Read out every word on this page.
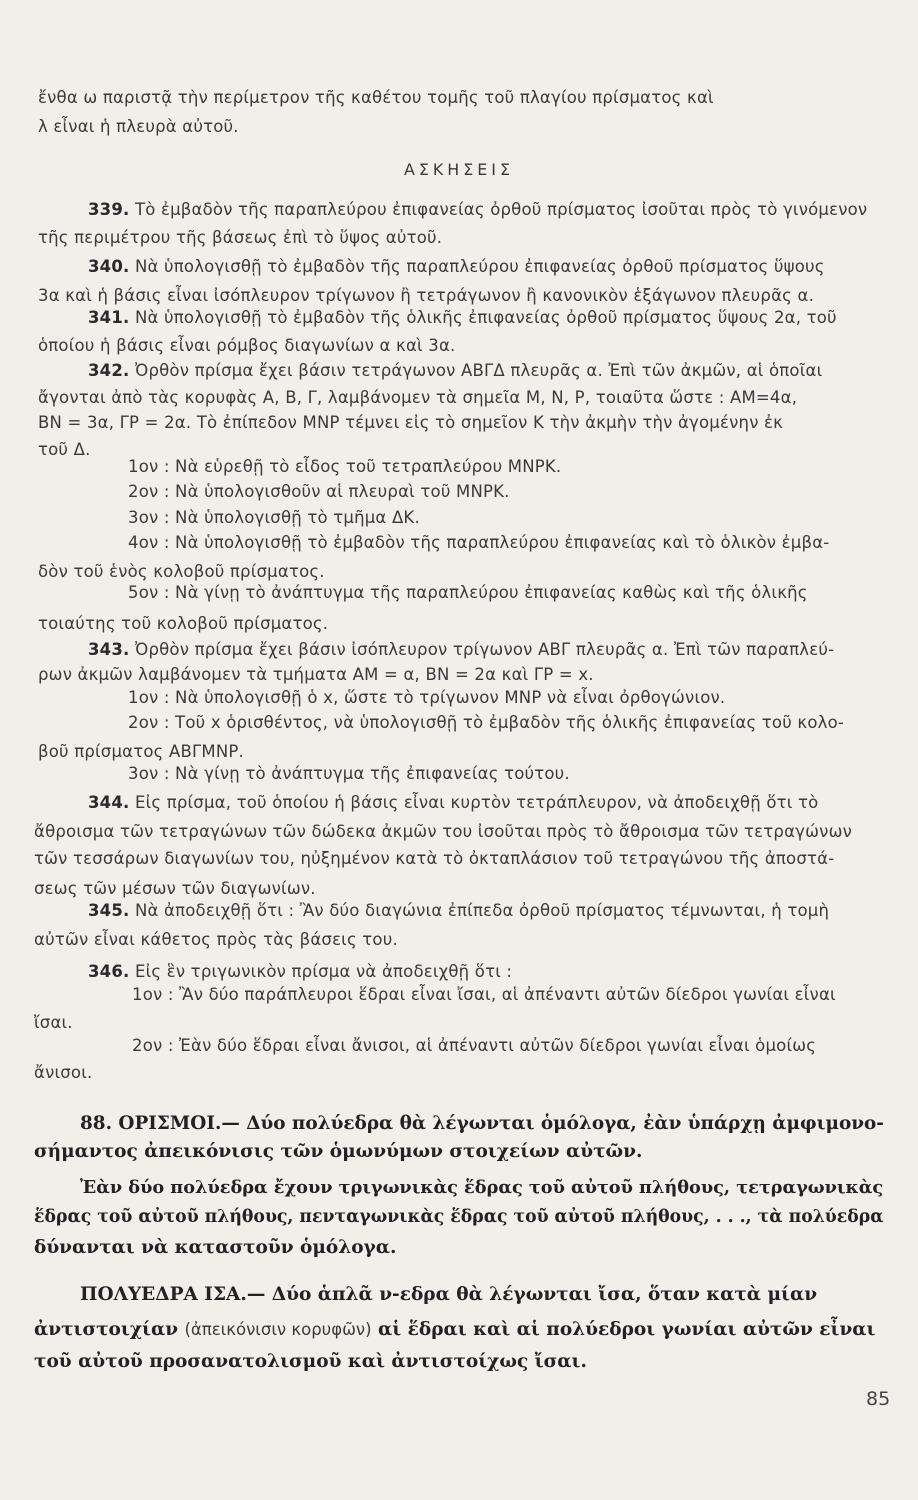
ἔνθα ω παριστᾷ τὴν περίμετρον τῆς καθέτου τομῆς τοῦ πλαγίου πρίσματος καὶ
λ εἶναι ἡ πλευρὰ αὐτοῦ.
ΑΣΚΗΣΕΙΣ
339. Τὸ ἐμβαδὸν τῆς παραπλεύρου ἐπιφανείας ὀρθοῦ πρίσματος ἰσοῦται πρὸς τὸ γινόμενον
τῆς περιμέτρου τῆς βάσεως ἐπὶ τὸ ὕψος αὐτοῦ.
340. Νὰ ὑπολογισθῇ τὸ ἐμβαδὸν τῆς παραπλεύρου ἐπιφανείας ὀρθοῦ πρίσματος ὕψους
3α καὶ ἡ βάσις εἶναι ἰσόπλευρον τρίγωνον ἢ τετράγωνον ἢ κανονικὸν ἑξάγωνον πλευρᾶς α.
341. Νὰ ὑπολογισθῇ τὸ ἐμβαδὸν τῆς ὁλικῆς ἐπιφανείας ὀρθοῦ πρίσματος ὕψους 2α, τοῦ
ὁποίου ἡ βάσις εἶναι ρόμβος διαγωνίων α καὶ 3α.
342. Ὀρθὸν πρίσμα ἔχει βάσιν τετράγωνον ΑΒΓΔ πλευρᾶς α. Ἐπὶ τῶν ἀκμῶν, αἱ ὁποῖαι
ἄγονται ἀπὸ τὰς κορυφὰς Α, Β, Γ, λαμβάνομεν τὰ σημεῖα Μ, Ν, Ρ, τοιαῦτα ὥστε : ΑΜ=4α,
ΒΝ = 3α, ΓΡ = 2α. Τὸ ἐπίπεδον ΜΝΡ τέμνει εἰς τὸ σημεῖον Κ τὴν ἀκμὴν τὴν ἀγομένην ἐκ
τοῦ Δ.
1ον : Νὰ εὑρεθῇ τὸ εἶδος τοῦ τετραπλεύρου ΜΝΡΚ.
2ον : Νὰ ὑπολογισθοῦν αἱ πλευραὶ τοῦ ΜΝΡΚ.
3ον : Νὰ ὑπολογισθῇ τὸ τμῆμα ΔΚ.
4ον : Νὰ ὑπολογισθῇ τὸ ἐμβαδὸν τῆς παραπλεύρου ἐπιφανείας καὶ τὸ ὁλικὸν ἐμβα-
δὸν τοῦ ἑνὸς κολοβοῦ πρίσματος.
5ον : Νὰ γίνῃ τὸ ἀνάπτυγμα τῆς παραπλεύρου ἐπιφανείας καθὼς καὶ τῆς ὁλικῆς
τοιαύτης τοῦ κολοβοῦ πρίσματος.
343. Ὀρθὸν πρίσμα ἔχει βάσιν ἰσόπλευρον τρίγωνον ΑΒΓ πλευρᾶς α. Ἐπὶ τῶν παραπλεύ-
ρων ἀκμῶν λαμβάνομεν τὰ τμήματα ΑΜ = α, ΒΝ = 2α καὶ ΓΡ = x.
1ον : Νὰ ὑπολογισθῇ ὁ x, ὥστε τὸ τρίγωνον ΜΝΡ νὰ εἶναι ὀρθογώνιον.
2ον : Τοῦ x ὁρισθέντος, νὰ ὑπολογισθῇ τὸ ἐμβαδὸν τῆς ὁλικῆς ἐπιφανείας τοῦ κολο-
βοῦ πρίσματος ΑΒΓΜΝΡ.
3ον : Νὰ γίνῃ τὸ ἀνάπτυγμα τῆς ἐπιφανείας τούτου.
344. Εἰς πρίσμα, τοῦ ὁποίου ἡ βάσις εἶναι κυρτὸν τετράπλευρον, νὰ ἀποδειχθῇ ὅτι τὸ
ἄθροισμα τῶν τετραγώνων τῶν δώδεκα ἀκμῶν του ἰσοῦται πρὸς τὸ ἄθροισμα τῶν τετραγώνων
τῶν τεσσάρων διαγωνίων του, ηὐξημένον κατὰ τὸ ὀκταπλάσιον τοῦ τετραγώνου τῆς ἀποστά-
σεως τῶν μέσων τῶν διαγωνίων.
345. Νὰ ἀποδειχθῇ ὅτι : Ἂν δύο διαγώνια ἐπίπεδα ὀρθοῦ πρίσματος τέμνωνται, ἡ τομὴ
αὐτῶν εἶναι κάθετος πρὸς τὰς βάσεις του.
346. Εἰς ἓν τριγωνικὸν πρίσμα νὰ ἀποδειχθῇ ὅτι :
1ον : Ἂν δύο παράπλευροι ἕδραι εἶναι ἴσαι, αἱ ἀπέναντι αὐτῶν δίεδροι γωνίαι εἶναι
ἴσαι.
2ον : Ἐὰν δύο ἕδραι εἶναι ἄνισοι, αἱ ἀπέναντι αὐτῶν δίεδροι γωνίαι εἶναι ὁμοίως
ἄνισοι.
88. ΟΡΙΣΜΟΙ.— Δύο πολύεδρα θὰ λέγωνται ὁμόλογα, ἐὰν ὑπάρχῃ ἀμφιμονο-
σήμαντος ἀπεικόνισις τῶν ὁμωνύμων στοιχείων αὐτῶν.
Ἐὰν δύο πολύεδρα ἔχουν τριγωνικὰς ἕδρας τοῦ αὐτοῦ πλήθους, τετραγωνικὰς
ἕδρας τοῦ αὐτοῦ πλήθους, πενταγωνικὰς ἕδρας τοῦ αὐτοῦ πλήθους, . . ., τὰ πολύεδρα
δύνανται νὰ καταστοῦν ὁμόλογα.
ΠΟΛΥΕΔΡΑ ΙΣΑ.— Δύο ἁπλᾶ ν-εδρα θὰ λέγωνται ἴσα, ὅταν κατὰ μίαν
ἀντιστοιχίαν (ἀπεικόνισιν κορυφῶν) αἱ ἕδραι καὶ αἱ πολύεδροι γωνίαι αὐτῶν εἶναι
τοῦ αὐτοῦ προσανατολισμοῦ καὶ ἀντιστοίχως ἴσαι.
85
